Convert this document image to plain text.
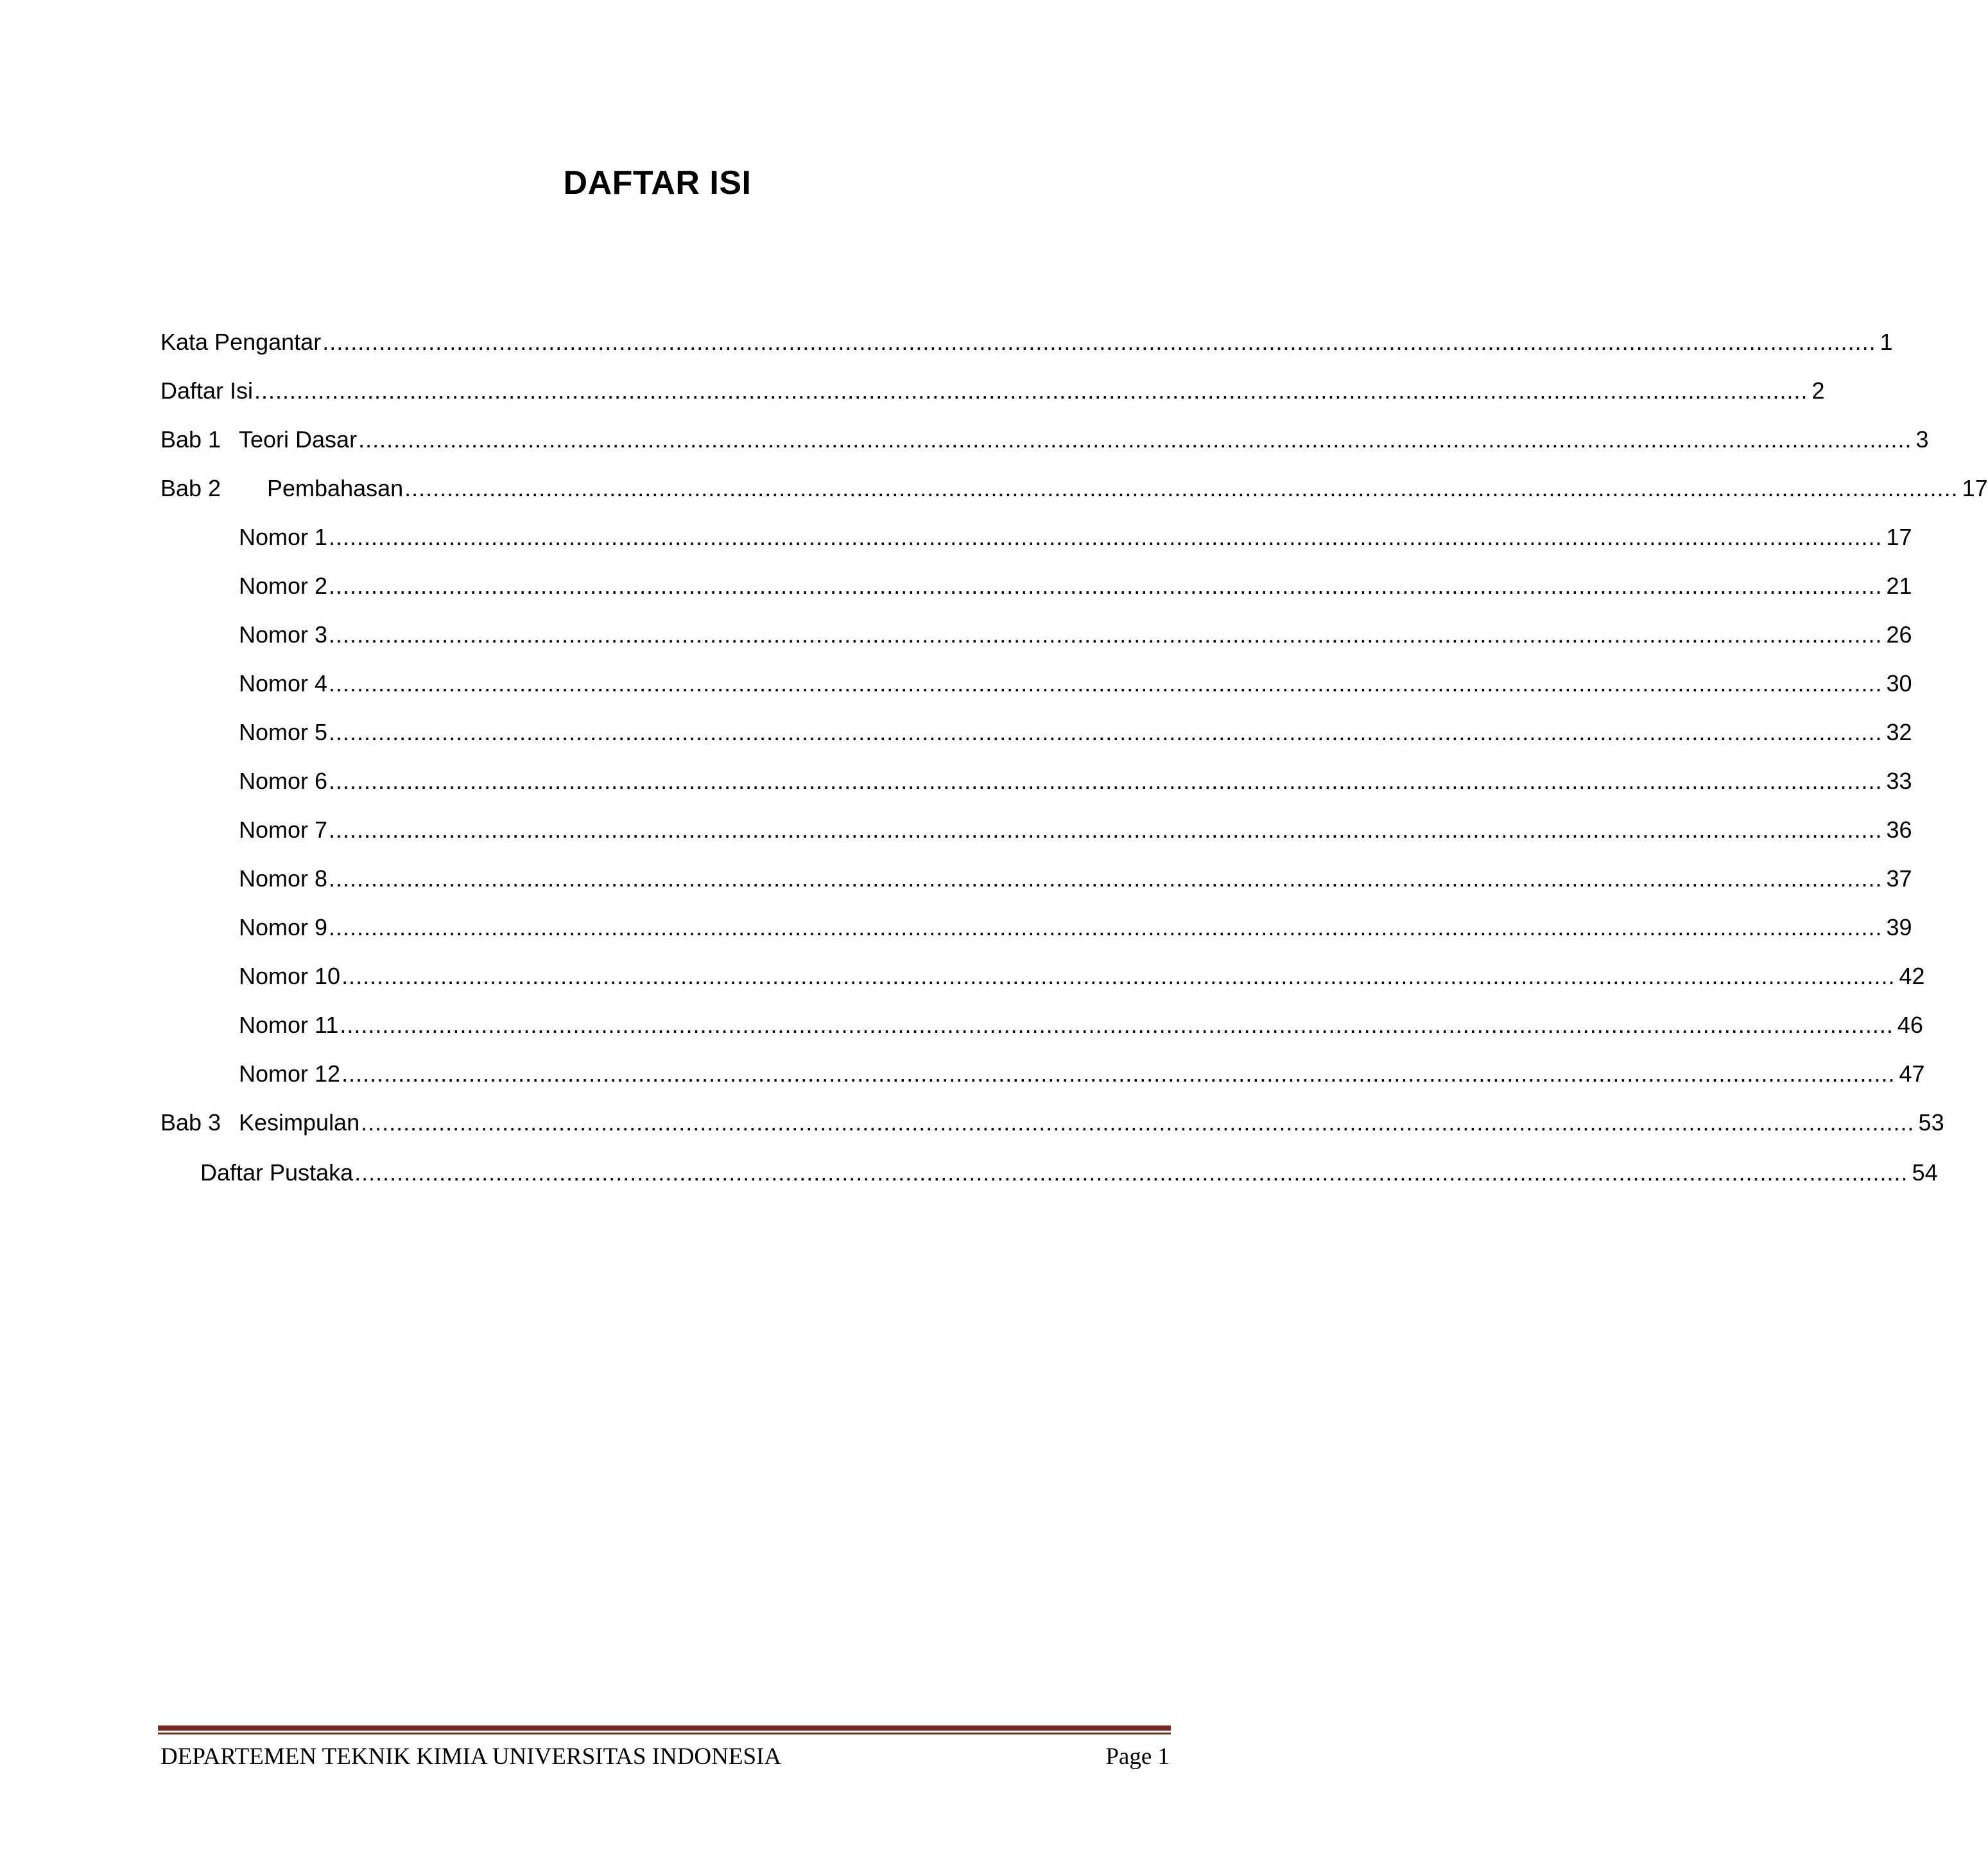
DAFTAR ISI
Kata Pengantar ............................................................................................................................................................................................................................ 1
Daftar Isi ............................................................................................................................................................................................................................ 2
Bab 1 Teori Dasar ............................................................................................................................................................................................................................ 3
Bab 2	Pembahasan ............................................................................................................................................................................................................................ 17
Nomor 1 ............................................................................................................................................................................................................................ 17
Nomor 2 ............................................................................................................................................................................................................................ 21
Nomor 3 ............................................................................................................................................................................................................................ 26
Nomor 4 ............................................................................................................................................................................................................................ 30
Nomor 5 ............................................................................................................................................................................................................................ 32
Nomor 6 ............................................................................................................................................................................................................................ 33
Nomor 7 ............................................................................................................................................................................................................................ 36
Nomor 8 ............................................................................................................................................................................................................................ 37
Nomor 9 ............................................................................................................................................................................................................................ 39
Nomor 10 ............................................................................................................................................................................................................................ 42
Nomor 11 ............................................................................................................................................................................................................................ 46
Nomor 12 ............................................................................................................................................................................................................................ 47
Bab 3 Kesimpulan ............................................................................................................................................................................................................................ 53
Daftar Pustaka ............................................................................................................................................................................................................................ 54
DEPARTEMEN TEKNIK KIMIA UNIVERSITAS INDONESIA	Page 1
